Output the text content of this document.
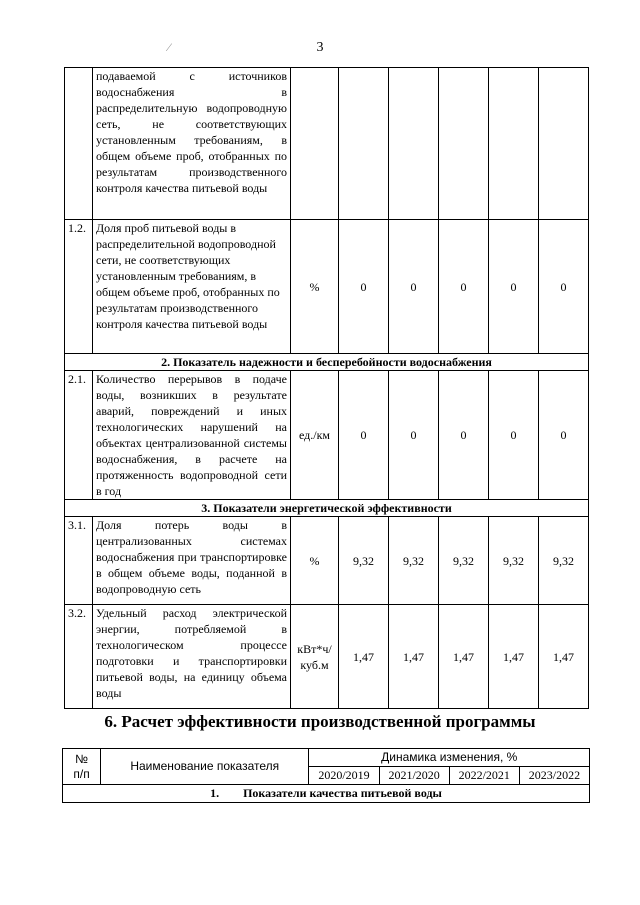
3
⁄
	подаваемой с источников водоснабжения в распределительную водопроводную сеть, не соответствующих установленным требованиям, в общем объеме проб, отобранных по результатам производственного контроля качества питьевой воды						
1.2.	Доля проб питьевой воды в распределительной водопроводной сети, не соответствующих установленным требованиям, в общем объеме проб, отобранных по результатам производственного контроля качества питьевой воды	%	0	0	0	0	0
2. Показатель надежности и бесперебойности водоснабжения							
2.1.	Количество перерывов в подаче воды, возникших в результате аварий, повреждений и иных технологических нарушений на объектах централизованной системы водоснабжения, в расчете на протяженность водопроводной сети в год	ед./км	0	0	0	0	0
3. Показатели энергетической эффективности							
3.1.	Доля потерь воды в централизованных системах водоснабжения при транспортировке в общем объеме воды, поданной в водопроводную сеть	%	9,32	9,32	9,32	9,32	9,32
3.2.	Удельный расход электрической энергии, потребляемой в технологическом процессе подготовки и транспортировки питьевой воды, на единицу объема воды	кВт*ч/ куб.м	1,47	1,47	1,47	1,47	1,47
6. Расчет эффективности производственной программы
№ п/п	Наименование показателя	Динамика изменения, %			
		2020/2019	2021/2020	2022/2021	2023/2022
1. Показатели качества питьевой воды					
